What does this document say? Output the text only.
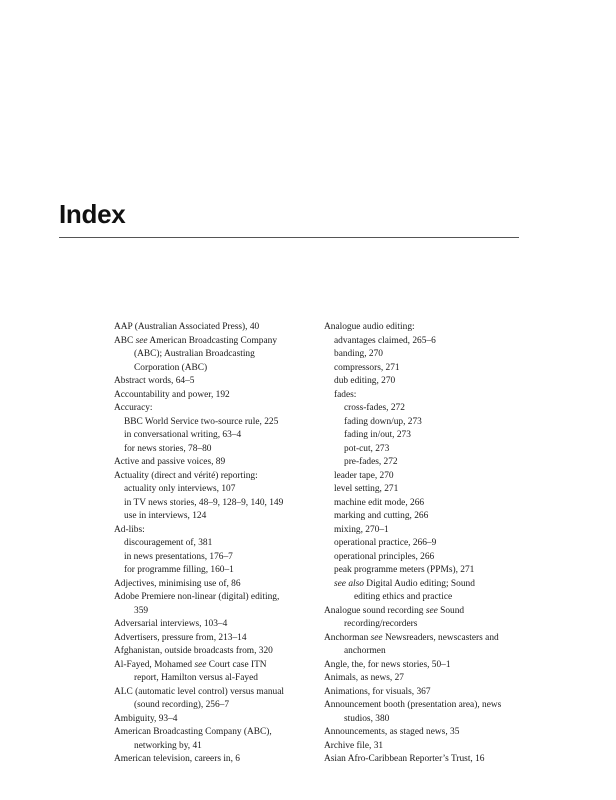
Index

AAP (Australian Associated Press), 40

ABC see American Broadcasting Company

(ABC); Australian Broadcasting

Corporation (ABC)

Abstract words, 64–5

Accountability and power, 192

Accuracy:

BBC World Service two-source rule, 225

in conversational writing, 63–4

for news stories, 78–80

Active and passive voices, 89

Actuality (direct and vérité) reporting:

actuality only interviews, 107

in TV news stories, 48–9, 128–9, 140, 149

use in interviews, 124

Ad-libs:

discouragement of, 381

in news presentations, 176–7

for programme filling, 160–1

Adjectives, minimising use of, 86

Adobe Premiere non-linear (digital) editing,

359

Adversarial interviews, 103–4

Advertisers, pressure from, 213–14

Afghanistan, outside broadcasts from, 320

Al-Fayed, Mohamed see Court case ITN

report, Hamilton versus al-Fayed

ALC (automatic level control) versus manual

(sound recording), 256–7

Ambiguity, 93–4

American Broadcasting Company (ABC),

networking by, 41

American television, careers in, 6

Analogue audio editing:

advantages claimed, 265–6

banding, 270

compressors, 271

dub editing, 270

fades:

cross-fades, 272

fading down/up, 273

fading in/out, 273

pot-cut, 273

pre-fades, 272

leader tape, 270

level setting, 271

machine edit mode, 266

marking and cutting, 266

mixing, 270–1

operational practice, 266–9

operational principles, 266

peak programme meters (PPMs), 271

see also Digital Audio editing; Sound

editing ethics and practice

Analogue sound recording see Sound

recording/recorders

Anchorman see Newsreaders, newscasters and

anchormen

Angle, the, for news stories, 50–1

Animals, as news, 27

Animations, for visuals, 367

Announcement booth (presentation area), news

studios, 380

Announcements, as staged news, 35

Archive file, 31

Asian Afro-Caribbean Reporter’s Trust, 16
